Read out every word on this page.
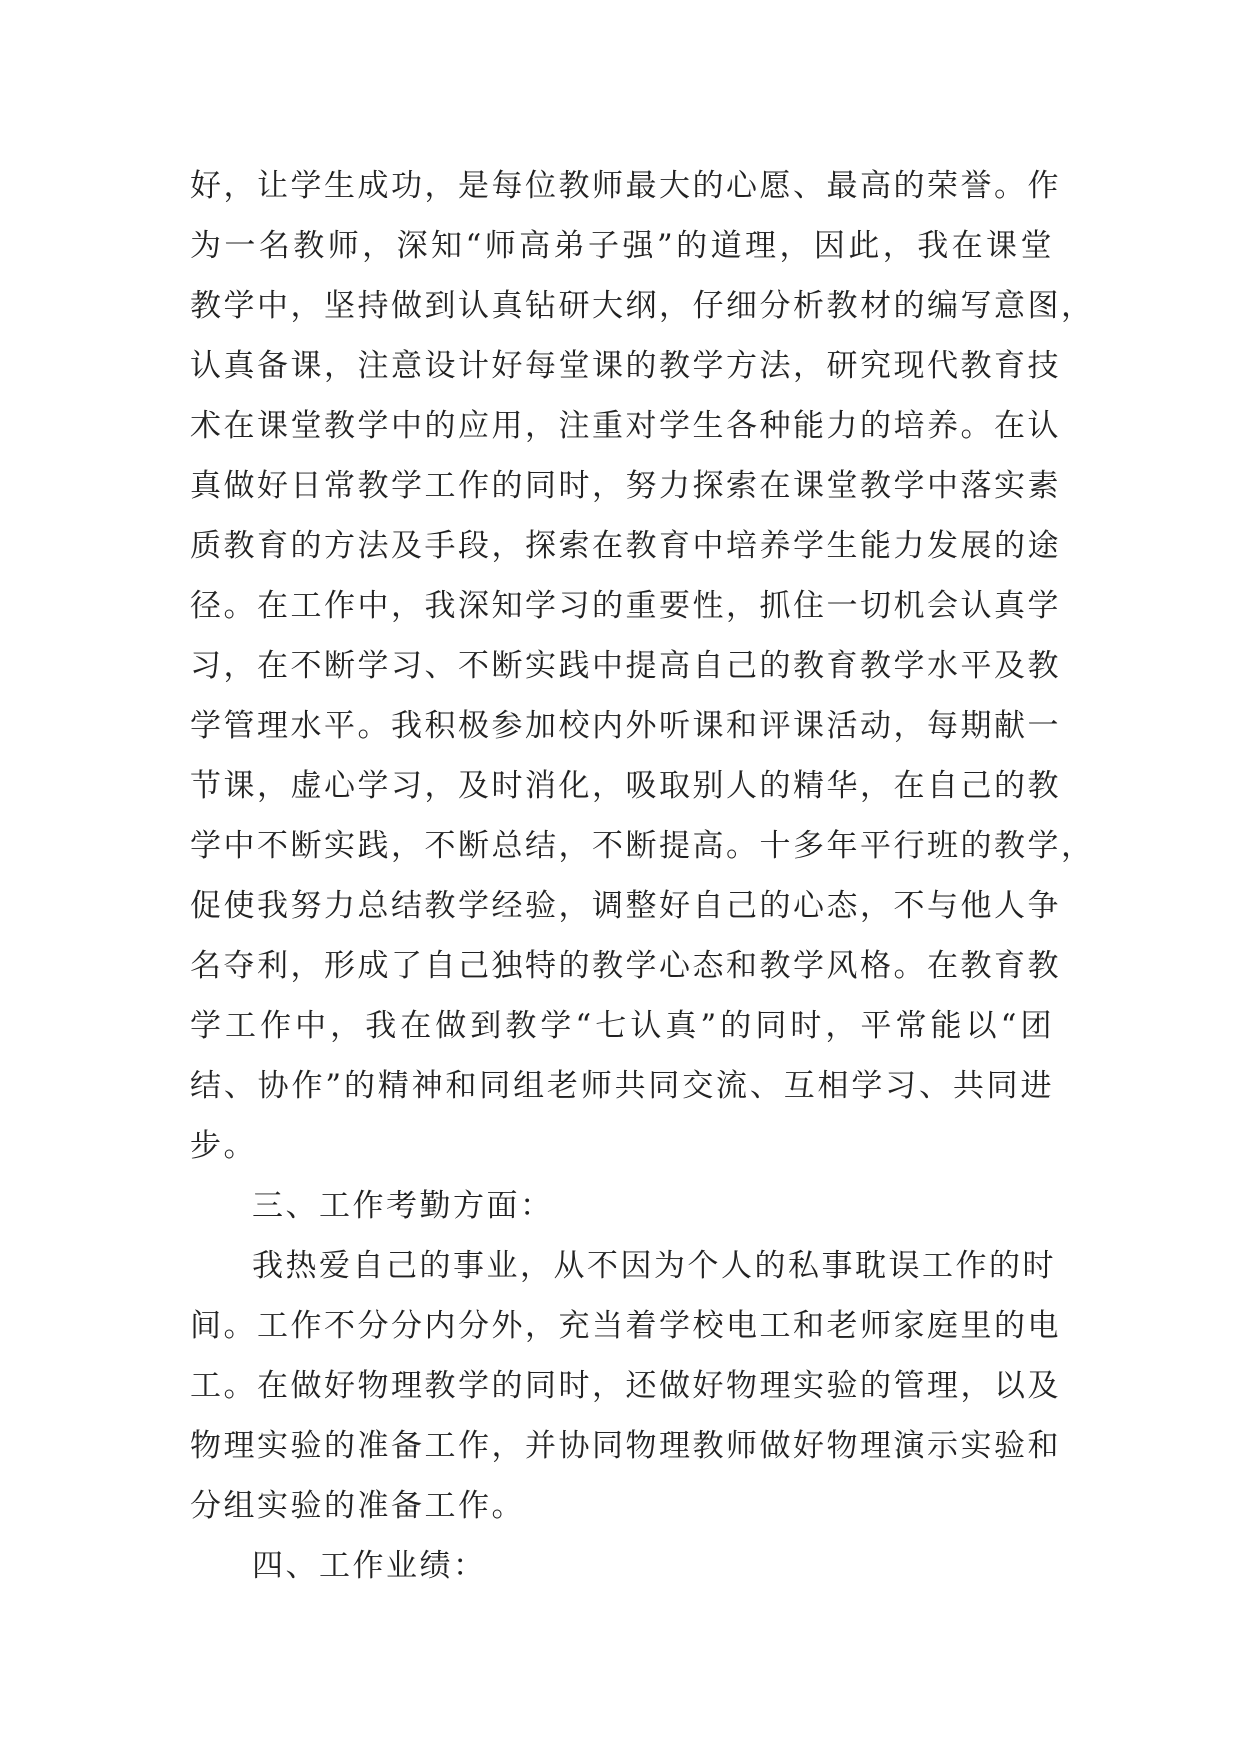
好，让学生成功，是每位教师最大的心愿、最高的荣誉。作
为一名教师，深知“师高弟子强”的道理，因此，我在课堂
教学中，坚持做到认真钻研大纲，仔细分析教材的编写意图，
认真备课，注意设计好每堂课的教学方法，研究现代教育技
术在课堂教学中的应用，注重对学生各种能力的培养。在认
真做好日常教学工作的同时，努力探索在课堂教学中落实素
质教育的方法及手段，探索在教育中培养学生能力发展的途
径。在工作中，我深知学习的重要性，抓住一切机会认真学
习，在不断学习、不断实践中提高自己的教育教学水平及教
学管理水平。我积极参加校内外听课和评课活动，每期献一
节课，虚心学习，及时消化，吸取别人的精华，在自己的教
学中不断实践，不断总结，不断提高。十多年平行班的教学，
促使我努力总结教学经验，调整好自己的心态，不与他人争
名夺利，形成了自己独特的教学心态和教学风格。在教育教
学工作中，我在做到教学“七认真”的同时，平常能以“团
结、协作”的精神和同组老师共同交流、互相学习、共同进
步。
三、工作考勤方面：
我热爱自己的事业，从不因为个人的私事耽误工作的时
间。工作不分分内分外，充当着学校电工和老师家庭里的电
工。在做好物理教学的同时，还做好物理实验的管理，以及
物理实验的准备工作，并协同物理教师做好物理演示实验和
分组实验的准备工作。
四、工作业绩：
